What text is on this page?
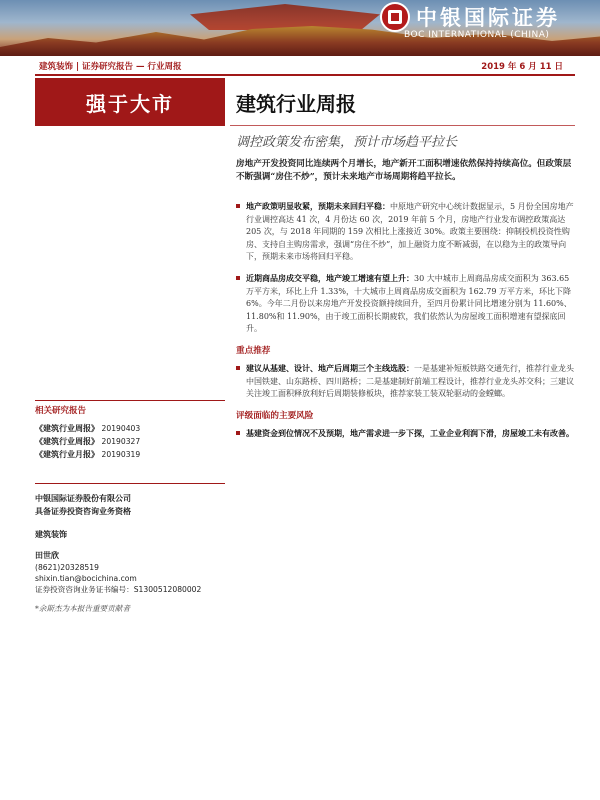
中银国际证券
BOC INTERNATIONAL (CHINA)
建筑装饰 | 证券研究报告 — 行业周报	2019 年 6 月 11 日
强于大市	建筑行业周报
调控政策发布密集，预计市场趋平拉长
房地产开发投资同比连续两个月增长，地产新开工面积增速依然保持持续高位。但政策层不断强调“房住不炒”，预计未来地产市场周期将趋平拉长。
地产政策明显收紧，预期未来回归平稳：中原地产研究中心统计数据显示，5 月份全国房地产行业调控高达 41 次，4 月份达 60 次，2019 年前 5 个月，房地产行业发布调控政策高达 205 次，与 2018 年同期的 159 次相比上涨接近 30%。政策主要围绕：抑制投机投资性购房、支持自主购房需求，强调“房住不炒”，加上融资力度不断减弱，在以稳为主的政策导向下，预期未来市场将回归平稳。
近期商品房成交平稳，地产竣工增速有望上升：30 大中城市上周商品房成交面积为 363.65 万平方米，环比上升 1.33%，十大城市上周商品房成交面积为 162.79 万平方米，环比下降 6%。今年二月份以来房地产开发投资额持续回升，至四月份累计同比增速分别为 11.60%、11.80%和 11.90%，由于竣工面积长期疲软，我们依然认为房屋竣工面积增速有望探底回升。
重点推荐
建议从基建、设计、地产后周期三个主线选股：一是基建补短板铁路交通先行，推荐行业龙头中国铁建、山东路桥、四川路桥；二是基建制好前端工程设计，推荐行业龙头苏交科；三建议关注竣工面积释放利好后周期装修板块，推荐家装工装双轮驱动的金螳螂。
评级面临的主要风险
基建资金到位情况不及预期，地产需求进一步下探，工业企业利润下滑，房屋竣工未有改善。
相关研究报告
《建筑行业周报》 20190403
《建筑行业周报》 20190327
《建筑行业月报》 20190319
中银国际证券股份有限公司
具备证券投资咨询业务资格
建筑装饰
田世欣
(8621)20328519
shixin.tian@bocichina.com
证券投资咨询业务证书编号：S1300512080002
*余斯杰为本报告重要贡献者
